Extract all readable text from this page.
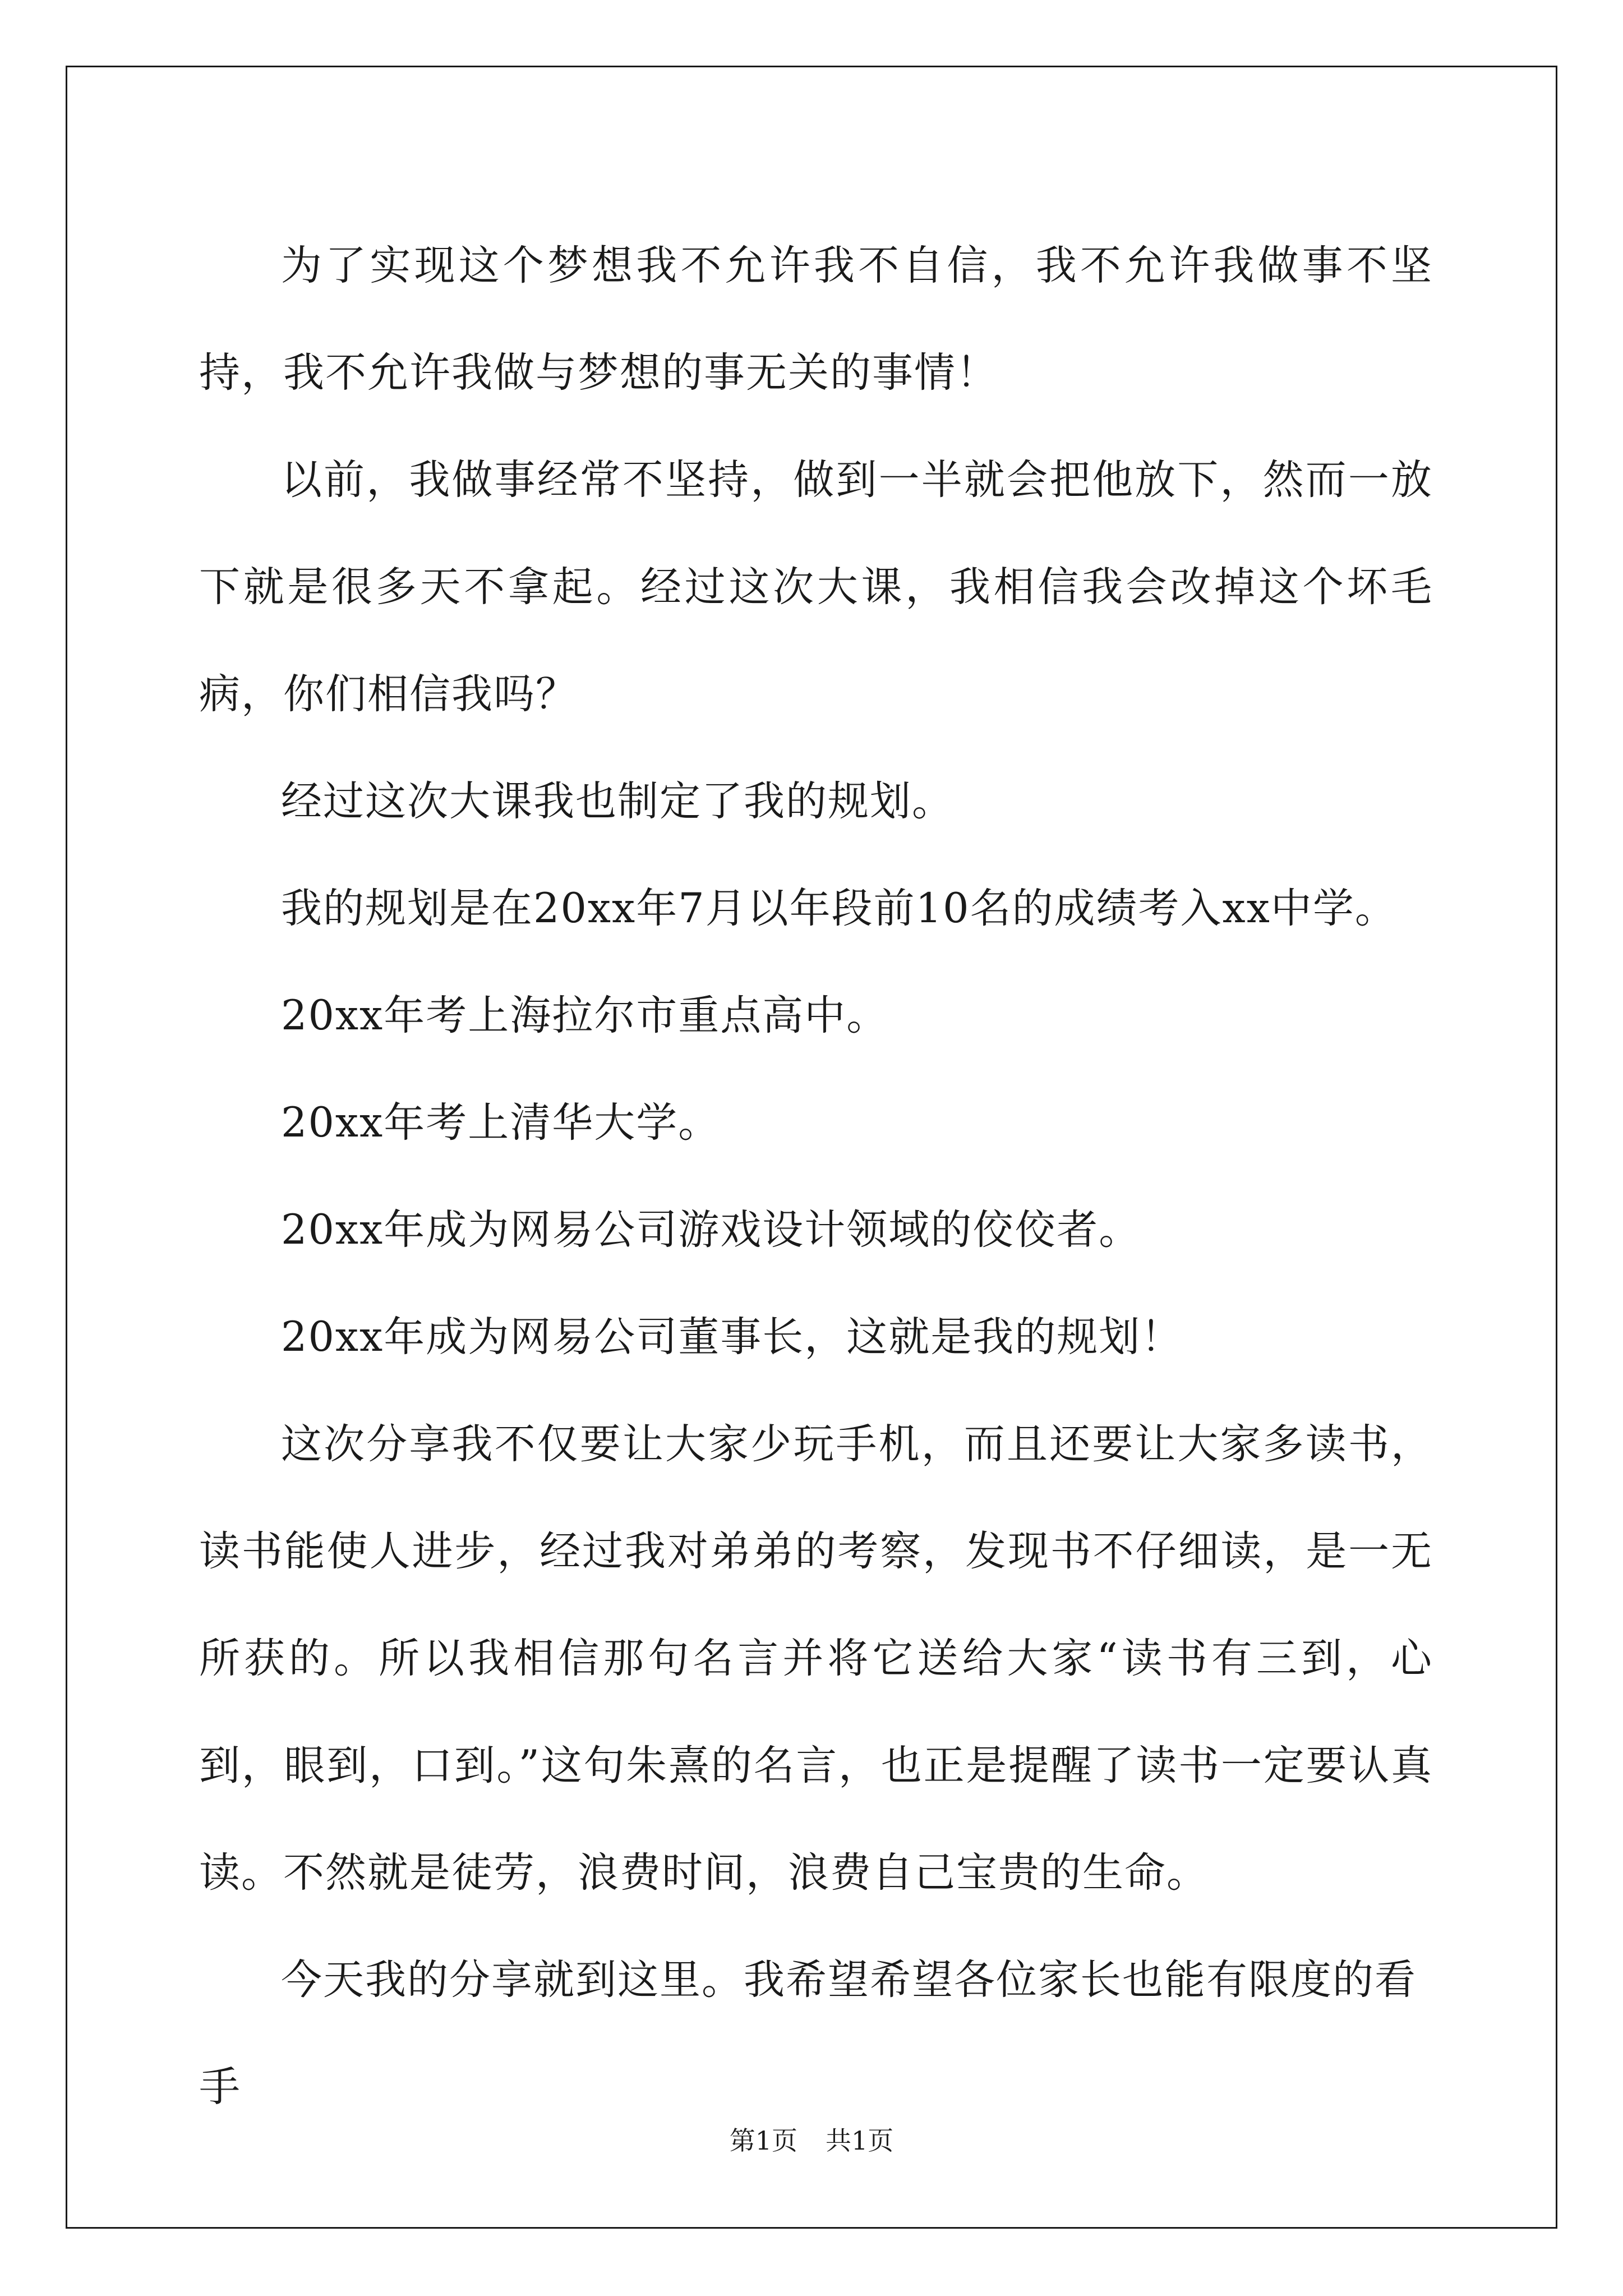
为了实现这个梦想我不允许我不自信，我不允许我做事不坚持，我不允许我做与梦想的事无关的事情！

以前，我做事经常不坚持，做到一半就会把他放下，然而一放下就是很多天不拿起。经过这次大课，我相信我会改掉这个坏毛病，你们相信我吗？

经过这次大课我也制定了我的规划。

我的规划是在20xx年7月以年段前10名的成绩考入xx中学。

20xx年考上海拉尔市重点高中。

20xx年考上清华大学。

20xx年成为网易公司游戏设计领域的佼佼者。

20xx年成为网易公司董事长，这就是我的规划！

这次分享我不仅要让大家少玩手机，而且还要让大家多读书，读书能使人进步，经过我对弟弟的考察，发现书不仔细读，是一无所获的。所以我相信那句名言并将它送给大家“读书有三到，心到，眼到，口到。”这句朱熹的名言，也正是提醒了读书一定要认真读。不然就是徒劳，浪费时间，浪费自己宝贵的生命。

今天我的分享就到这里。我希望希望各位家长也能有限度的看手

第1页 共1页
